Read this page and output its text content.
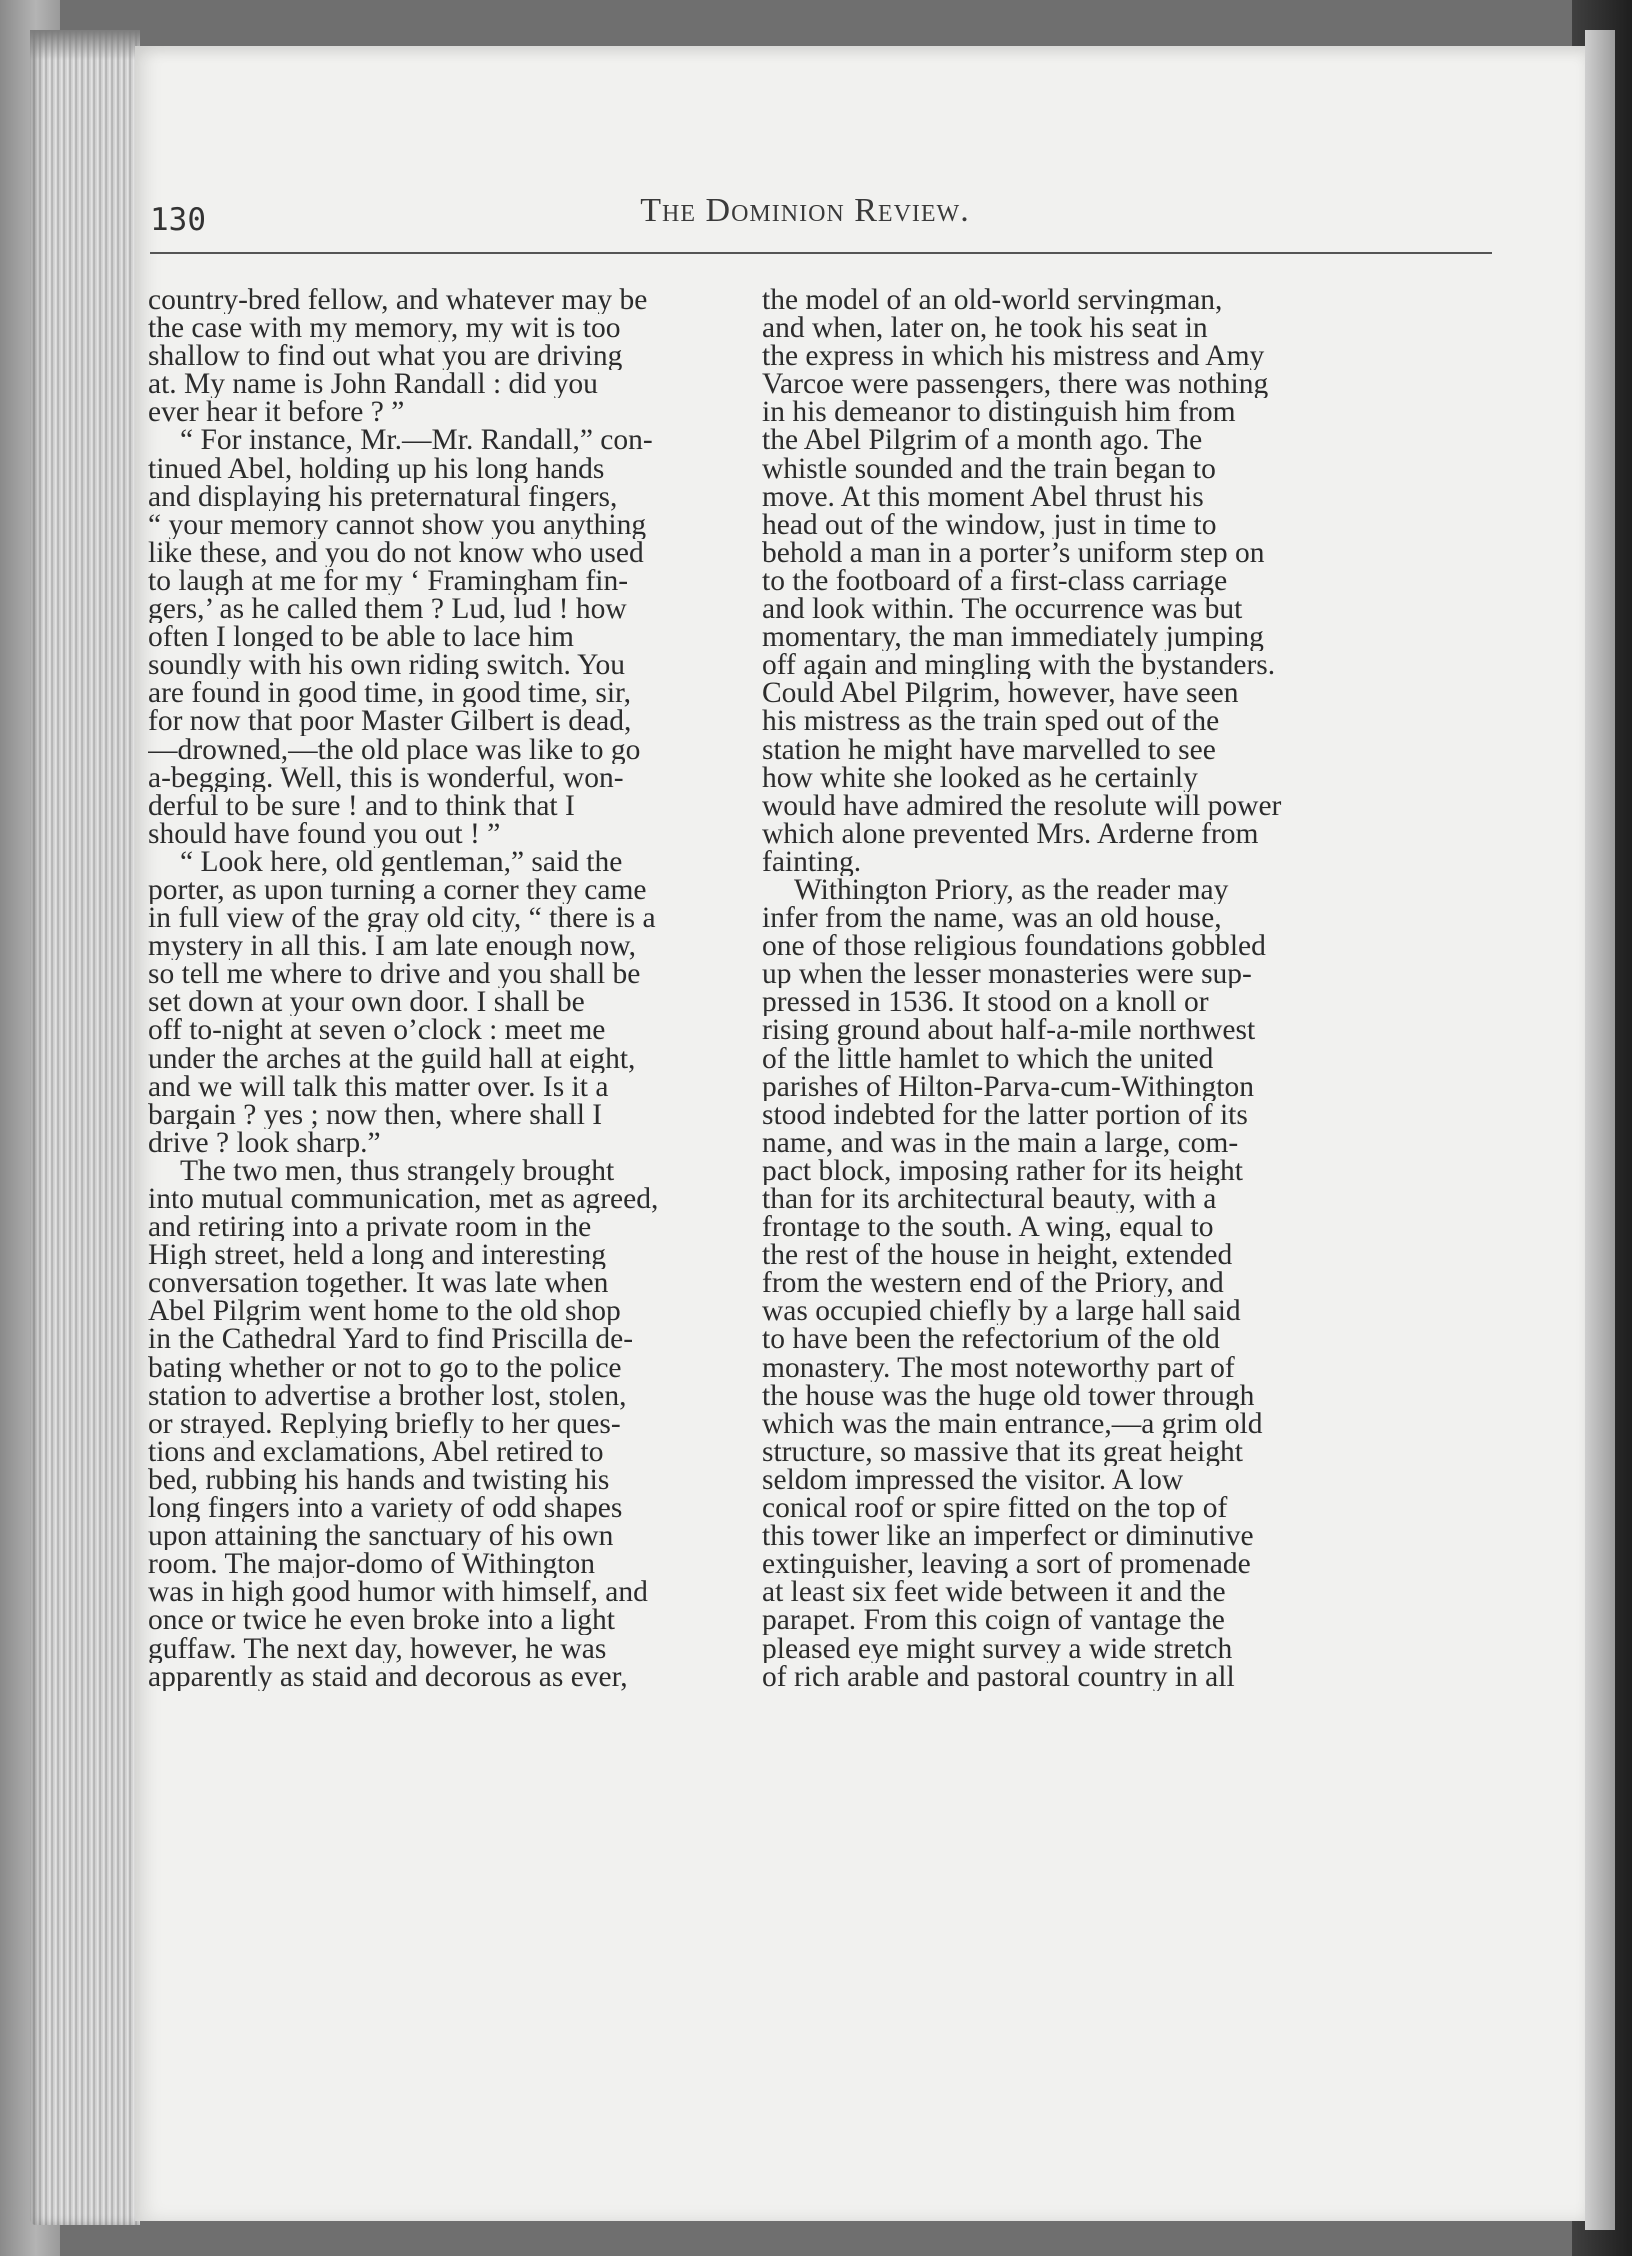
130	The Dominion Review.
country-bred fellow, and whatever may be
the case with my memory, my wit is too
shallow to find out what you are driving
at. My name is John Randall : did you
ever hear it before ? ”
“ For instance, Mr.—Mr. Randall,” con-
tinued Abel, holding up his long hands
and displaying his preternatural fingers,
“ your memory cannot show you anything
like these, and you do not know who used
to laugh at me for my ‘ Framingham fin-
gers,’ as he called them ? Lud, lud ! how
often I longed to be able to lace him
soundly with his own riding switch. You
are found in good time, in good time, sir,
for now that poor Master Gilbert is dead,
—drowned,—the old place was like to go
a-begging. Well, this is wonderful, won-
derful to be sure ! and to think that I
should have found you out ! ”
“ Look here, old gentleman,” said the
porter, as upon turning a corner they came
in full view of the gray old city, “ there is a
mystery in all this. I am late enough now,
so tell me where to drive and you shall be
set down at your own door. I shall be
off to-night at seven o’clock : meet me
under the arches at the guild hall at eight,
and we will talk this matter over. Is it a
bargain ? yes ; now then, where shall I
drive ? look sharp.”
The two men, thus strangely brought
into mutual communication, met as agreed,
and retiring into a private room in the
High street, held a long and interesting
conversation together. It was late when
Abel Pilgrim went home to the old shop
in the Cathedral Yard to find Priscilla de-
bating whether or not to go to the police
station to advertise a brother lost, stolen,
or strayed. Replying briefly to her ques-
tions and exclamations, Abel retired to
bed, rubbing his hands and twisting his
long fingers into a variety of odd shapes
upon attaining the sanctuary of his own
room. The major-domo of Withington
was in high good humor with himself, and
once or twice he even broke into a light
guffaw. The next day, however, he was
apparently as staid and decorous as ever,
the model of an old-world servingman,
and when, later on, he took his seat in
the express in which his mistress and Amy
Varcoe were passengers, there was nothing
in his demeanor to distinguish him from
the Abel Pilgrim of a month ago. The
whistle sounded and the train began to
move. At this moment Abel thrust his
head out of the window, just in time to
behold a man in a porter’s uniform step on
to the footboard of a first-class carriage
and look within. The occurrence was but
momentary, the man immediately jumping
off again and mingling with the bystanders.
Could Abel Pilgrim, however, have seen
his mistress as the train sped out of the
station he might have marvelled to see
how white she looked as he certainly
would have admired the resolute will power
which alone prevented Mrs. Arderne from
fainting.
Withington Priory, as the reader may
infer from the name, was an old house,
one of those religious foundations gobbled
up when the lesser monasteries were sup-
pressed in 1536. It stood on a knoll or
rising ground about half-a-mile northwest
of the little hamlet to which the united
parishes of Hilton-Parva-cum-Withington
stood indebted for the latter portion of its
name, and was in the main a large, com-
pact block, imposing rather for its height
than for its architectural beauty, with a
frontage to the south. A wing, equal to
the rest of the house in height, extended
from the western end of the Priory, and
was occupied chiefly by a large hall said
to have been the refectorium of the old
monastery. The most noteworthy part of
the house was the huge old tower through
which was the main entrance,—a grim old
structure, so massive that its great height
seldom impressed the visitor. A low
conical roof or spire fitted on the top of
this tower like an imperfect or diminutive
extinguisher, leaving a sort of promenade
at least six feet wide between it and the
parapet. From this coign of vantage the
pleased eye might survey a wide stretch
of rich arable and pastoral country in all
